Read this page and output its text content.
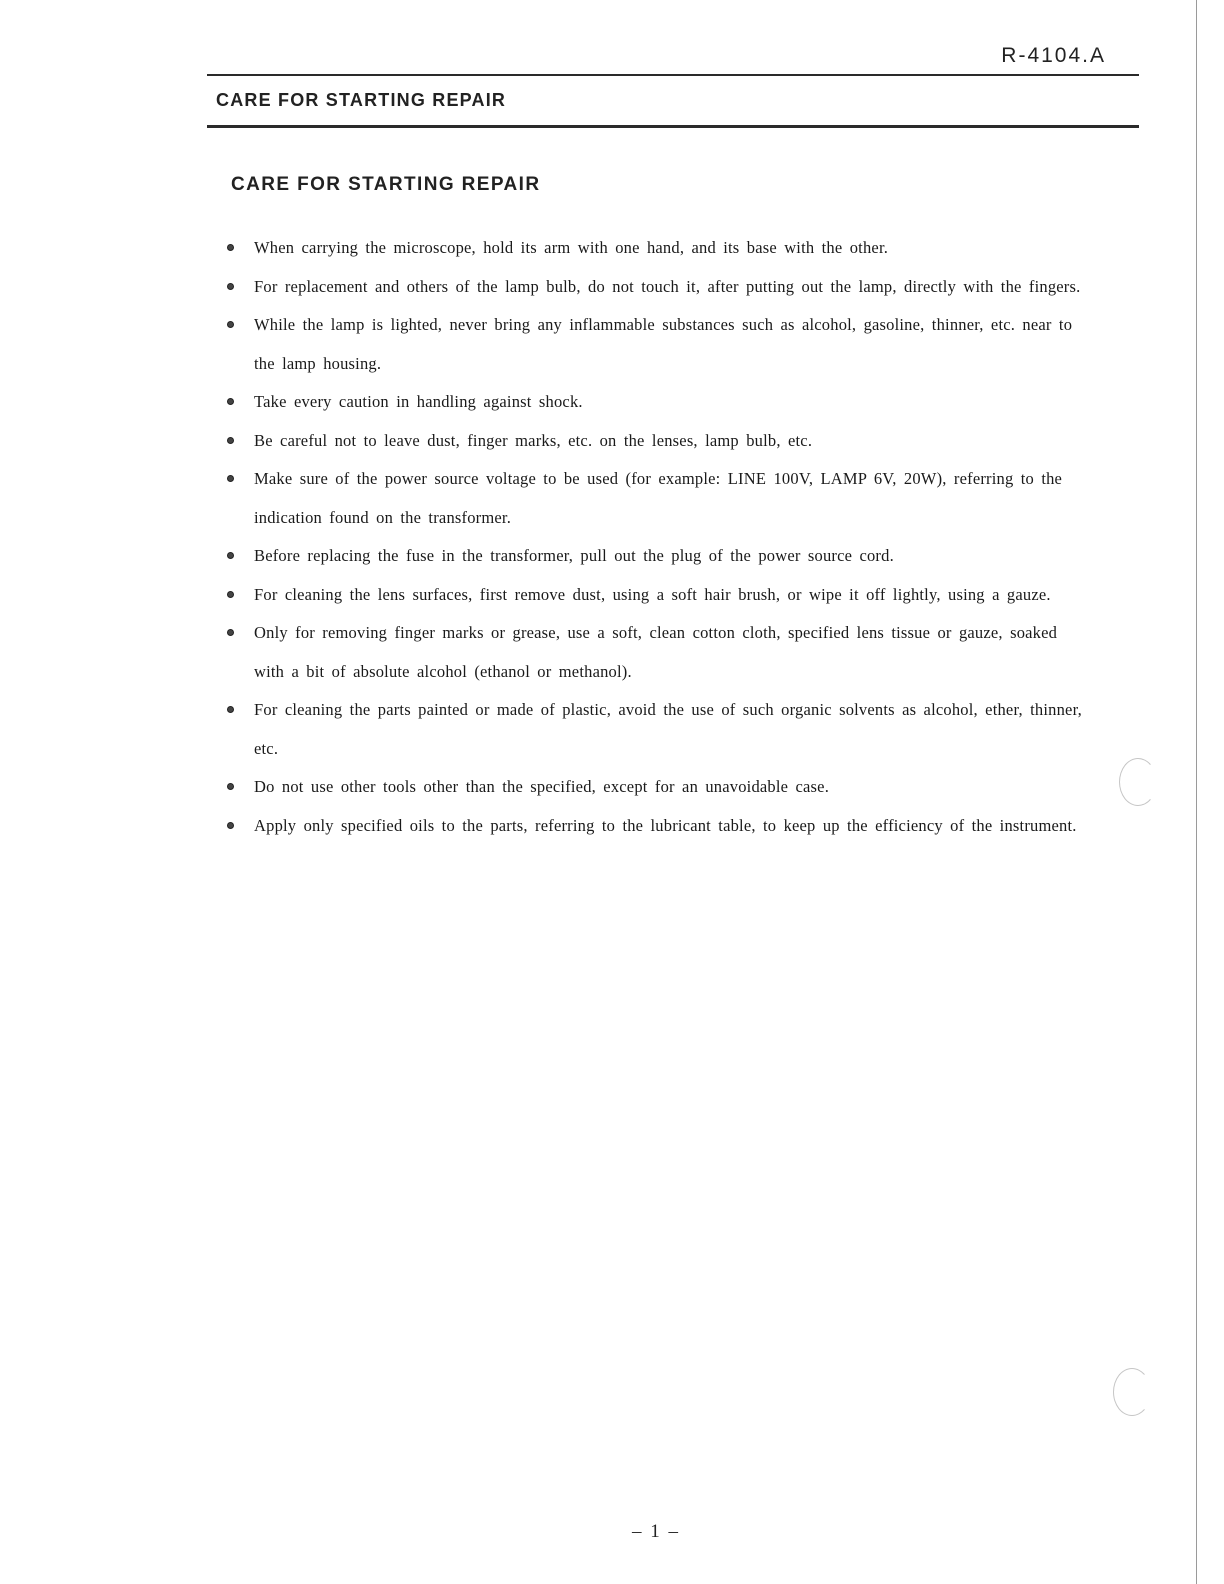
R-4104.A
CARE FOR STARTING REPAIR
CARE FOR STARTING REPAIR
When carrying the microscope, hold its arm with one hand, and its base with the other.
For replacement and others of the lamp bulb, do not touch it, after putting out the lamp, directly with the fingers.
While the lamp is lighted, never bring any inflammable substances such as alcohol, gasoline, thinner, etc. near to the lamp housing.
Take every caution in handling against shock.
Be careful not to leave dust, finger marks, etc. on the lenses, lamp bulb, etc.
Make sure of the power source voltage to be used (for example: LINE 100V, LAMP 6V, 20W), referring to the indication found on the transformer.
Before replacing the fuse in the transformer, pull out the plug of the power source cord.
For cleaning the lens surfaces, first remove dust, using a soft hair brush, or wipe it off lightly, using a gauze.
Only for removing finger marks or grease, use a soft, clean cotton cloth, specified lens tissue or gauze, soaked with a bit of absolute alcohol (ethanol or methanol).
For cleaning the parts painted or made of plastic, avoid the use of such organic solvents as alcohol, ether, thinner, etc.
Do not use other tools other than the specified, except for an unavoidable case.
Apply only specified oils to the parts, referring to the lubricant table, to keep up the efficiency of the instrument.
– 1 –
